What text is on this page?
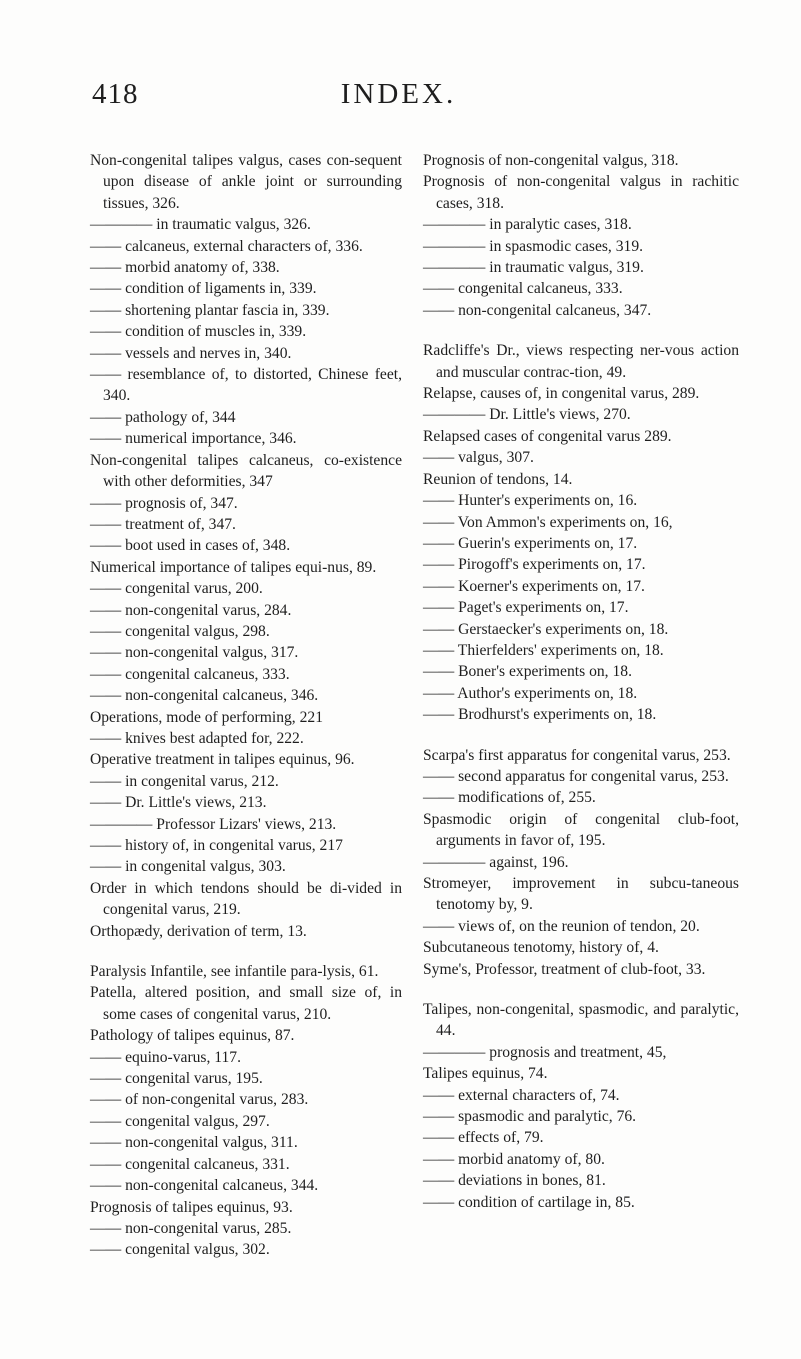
418	INDEX.
Non-congenital talipes valgus, cases con-sequent upon disease of ankle joint or surrounding tissues, 326.
———— in traumatic valgus, 326.
—— calcaneus, external characters of, 336.
—— morbid anatomy of, 338.
—— condition of ligaments in, 339.
—— shortening plantar fascia in, 339.
—— condition of muscles in, 339.
—— vessels and nerves in, 340.
—— resemblance of, to distorted, Chinese feet, 340.
—— pathology of, 344
—— numerical importance, 346.
Non-congenital talipes calcaneus, co-existence with other deformities, 347
—— prognosis of, 347.
—— treatment of, 347.
—— boot used in cases of, 348.
Numerical importance of talipes equi-nus, 89.
—— congenital varus, 200.
—— non-congenital varus, 284.
—— congenital valgus, 298.
—— non-congenital valgus, 317.
—— congenital calcaneus, 333.
—— non-congenital calcaneus, 346.
Operations, mode of performing, 221
—— knives best adapted for, 222.
Operative treatment in talipes equinus, 96.
—— in congenital varus, 212.
—— Dr. Little's views, 213.
———— Professor Lizars' views, 213.
—— history of, in congenital varus, 217
—— in congenital valgus, 303.
Order in which tendons should be di-vided in congenital varus, 219.
Orthopædy, derivation of term, 13.
Paralysis Infantile, see infantile para-lysis, 61.
Patella, altered position, and small size of, in some cases of congenital varus, 210.
Pathology of talipes equinus, 87.
—— equino-varus, 117.
—— congenital varus, 195.
—— of non-congenital varus, 283.
—— congenital valgus, 297.
—— non-congenital valgus, 311.
—— congenital calcaneus, 331.
—— non-congenital calcaneus, 344.
Prognosis of talipes equinus, 93.
—— non-congenital varus, 285.
—— congenital valgus, 302.
Prognosis of non-congenital valgus, 318.
Prognosis of non-congenital valgus in rachitic cases, 318.
———— in paralytic cases, 318.
———— in spasmodic cases, 319.
———— in traumatic valgus, 319.
—— congenital calcaneus, 333.
—— non-congenital calcaneus, 347.
Radcliffe's Dr., views respecting ner-vous action and muscular contrac-tion, 49.
Relapse, causes of, in congenital varus, 289.
———— Dr. Little's views, 270.
Relapsed cases of congenital varus 289.
—— valgus, 307.
Reunion of tendons, 14.
—— Hunter's experiments on, 16.
—— Von Ammon's experiments on, 16,
—— Guerin's experiments on, 17.
—— Pirogoff's experiments on, 17.
—— Koerner's experiments on, 17.
—— Paget's experiments on, 17.
—— Gerstaecker's experiments on, 18.
—— Thierfelders' experiments on, 18.
—— Boner's experiments on, 18.
—— Author's experiments on, 18.
—— Brodhurst's experiments on, 18.
Scarpa's first apparatus for congenital varus, 253.
—— second apparatus for congenital varus, 253.
—— modifications of, 255.
Spasmodic origin of congenital club-foot, arguments in favor of, 195.
———— against, 196.
Stromeyer, improvement in subcu-taneous tenotomy by, 9.
—— views of, on the reunion of tendon, 20.
Subcutaneous tenotomy, history of, 4.
Syme's, Professor, treatment of club-foot, 33.
Talipes, non-congenital, spasmodic, and paralytic, 44.
———— prognosis and treatment, 45,
Talipes equinus, 74.
—— external characters of, 74.
—— spasmodic and paralytic, 76.
—— effects of, 79.
—— morbid anatomy of, 80.
—— deviations in bones, 81.
—— condition of cartilage in, 85.
